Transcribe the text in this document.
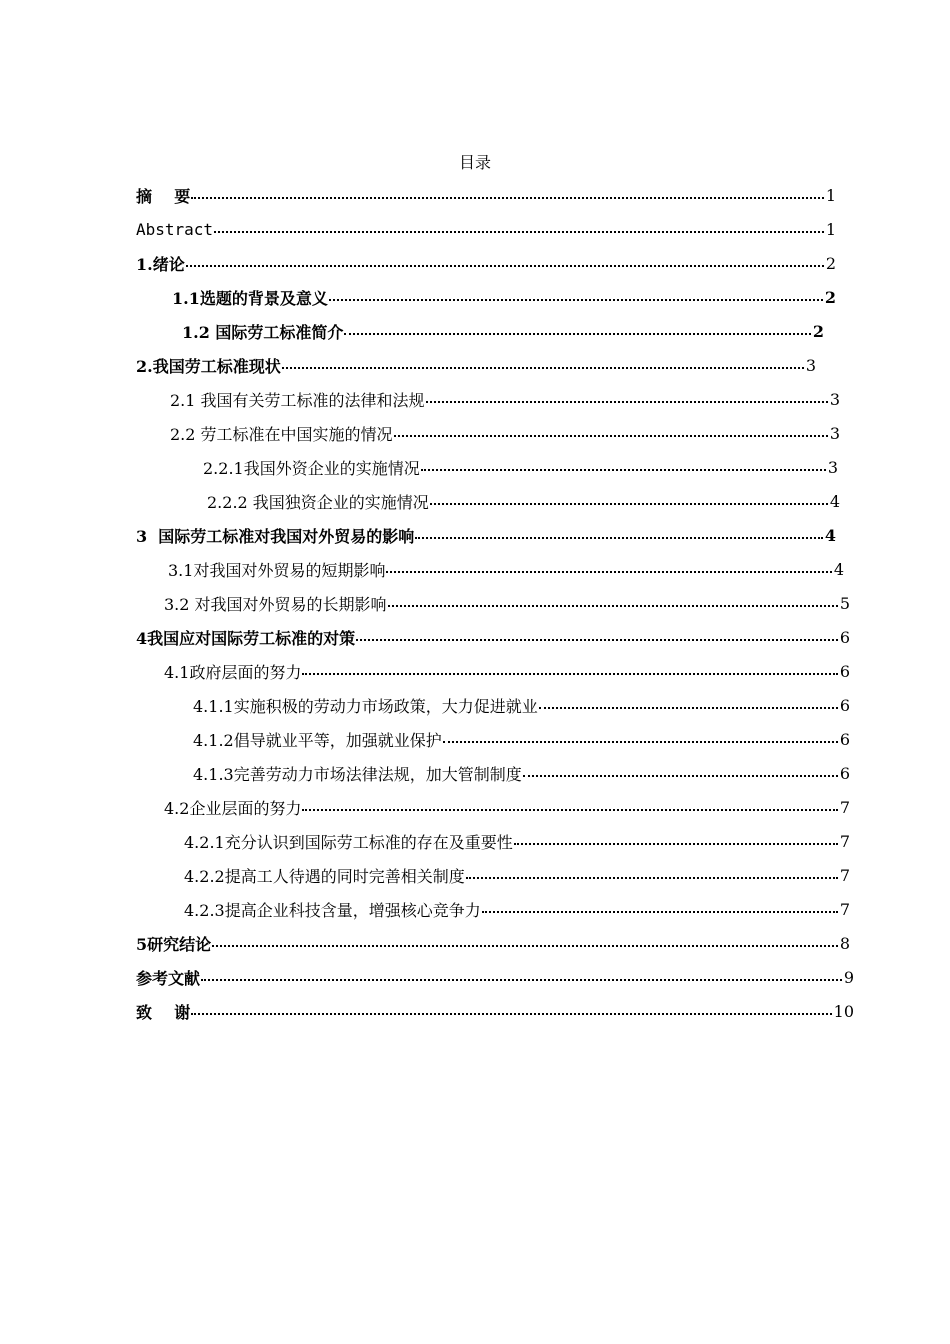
目录
摘    要	1
Abstract	1
1.绪论	2
1.1选题的背景及意义	2
1.2 国际劳工标准简介	2
2.我国劳工标准现状	3
2.1 我国有关劳工标准的法律和法规	3
2.2 劳工标准在中国实施的情况	3
2.2.1我国外资企业的实施情况	3
2.2.2 我国独资企业的实施情况	4
3  国际劳工标准对我国对外贸易的影响	4
3.1对我国对外贸易的短期影响	4
3.2 对我国对外贸易的长期影响	5
4我国应对国际劳工标准的对策	6
4.1政府层面的努力	6
4.1.1实施积极的劳动力市场政策，大力促进就业	6
4.1.2倡导就业平等，加强就业保护	6
4.1.3完善劳动力市场法律法规，加大管制制度	6
4.2企业层面的努力	7
4.2.1充分认识到国际劳工标准的存在及重要性	7
4.2.2提高工人待遇的同时完善相关制度	7
4.2.3提高企业科技含量，增强核心竞争力	7
5研究结论	8
参考文献	9
致    谢	10
